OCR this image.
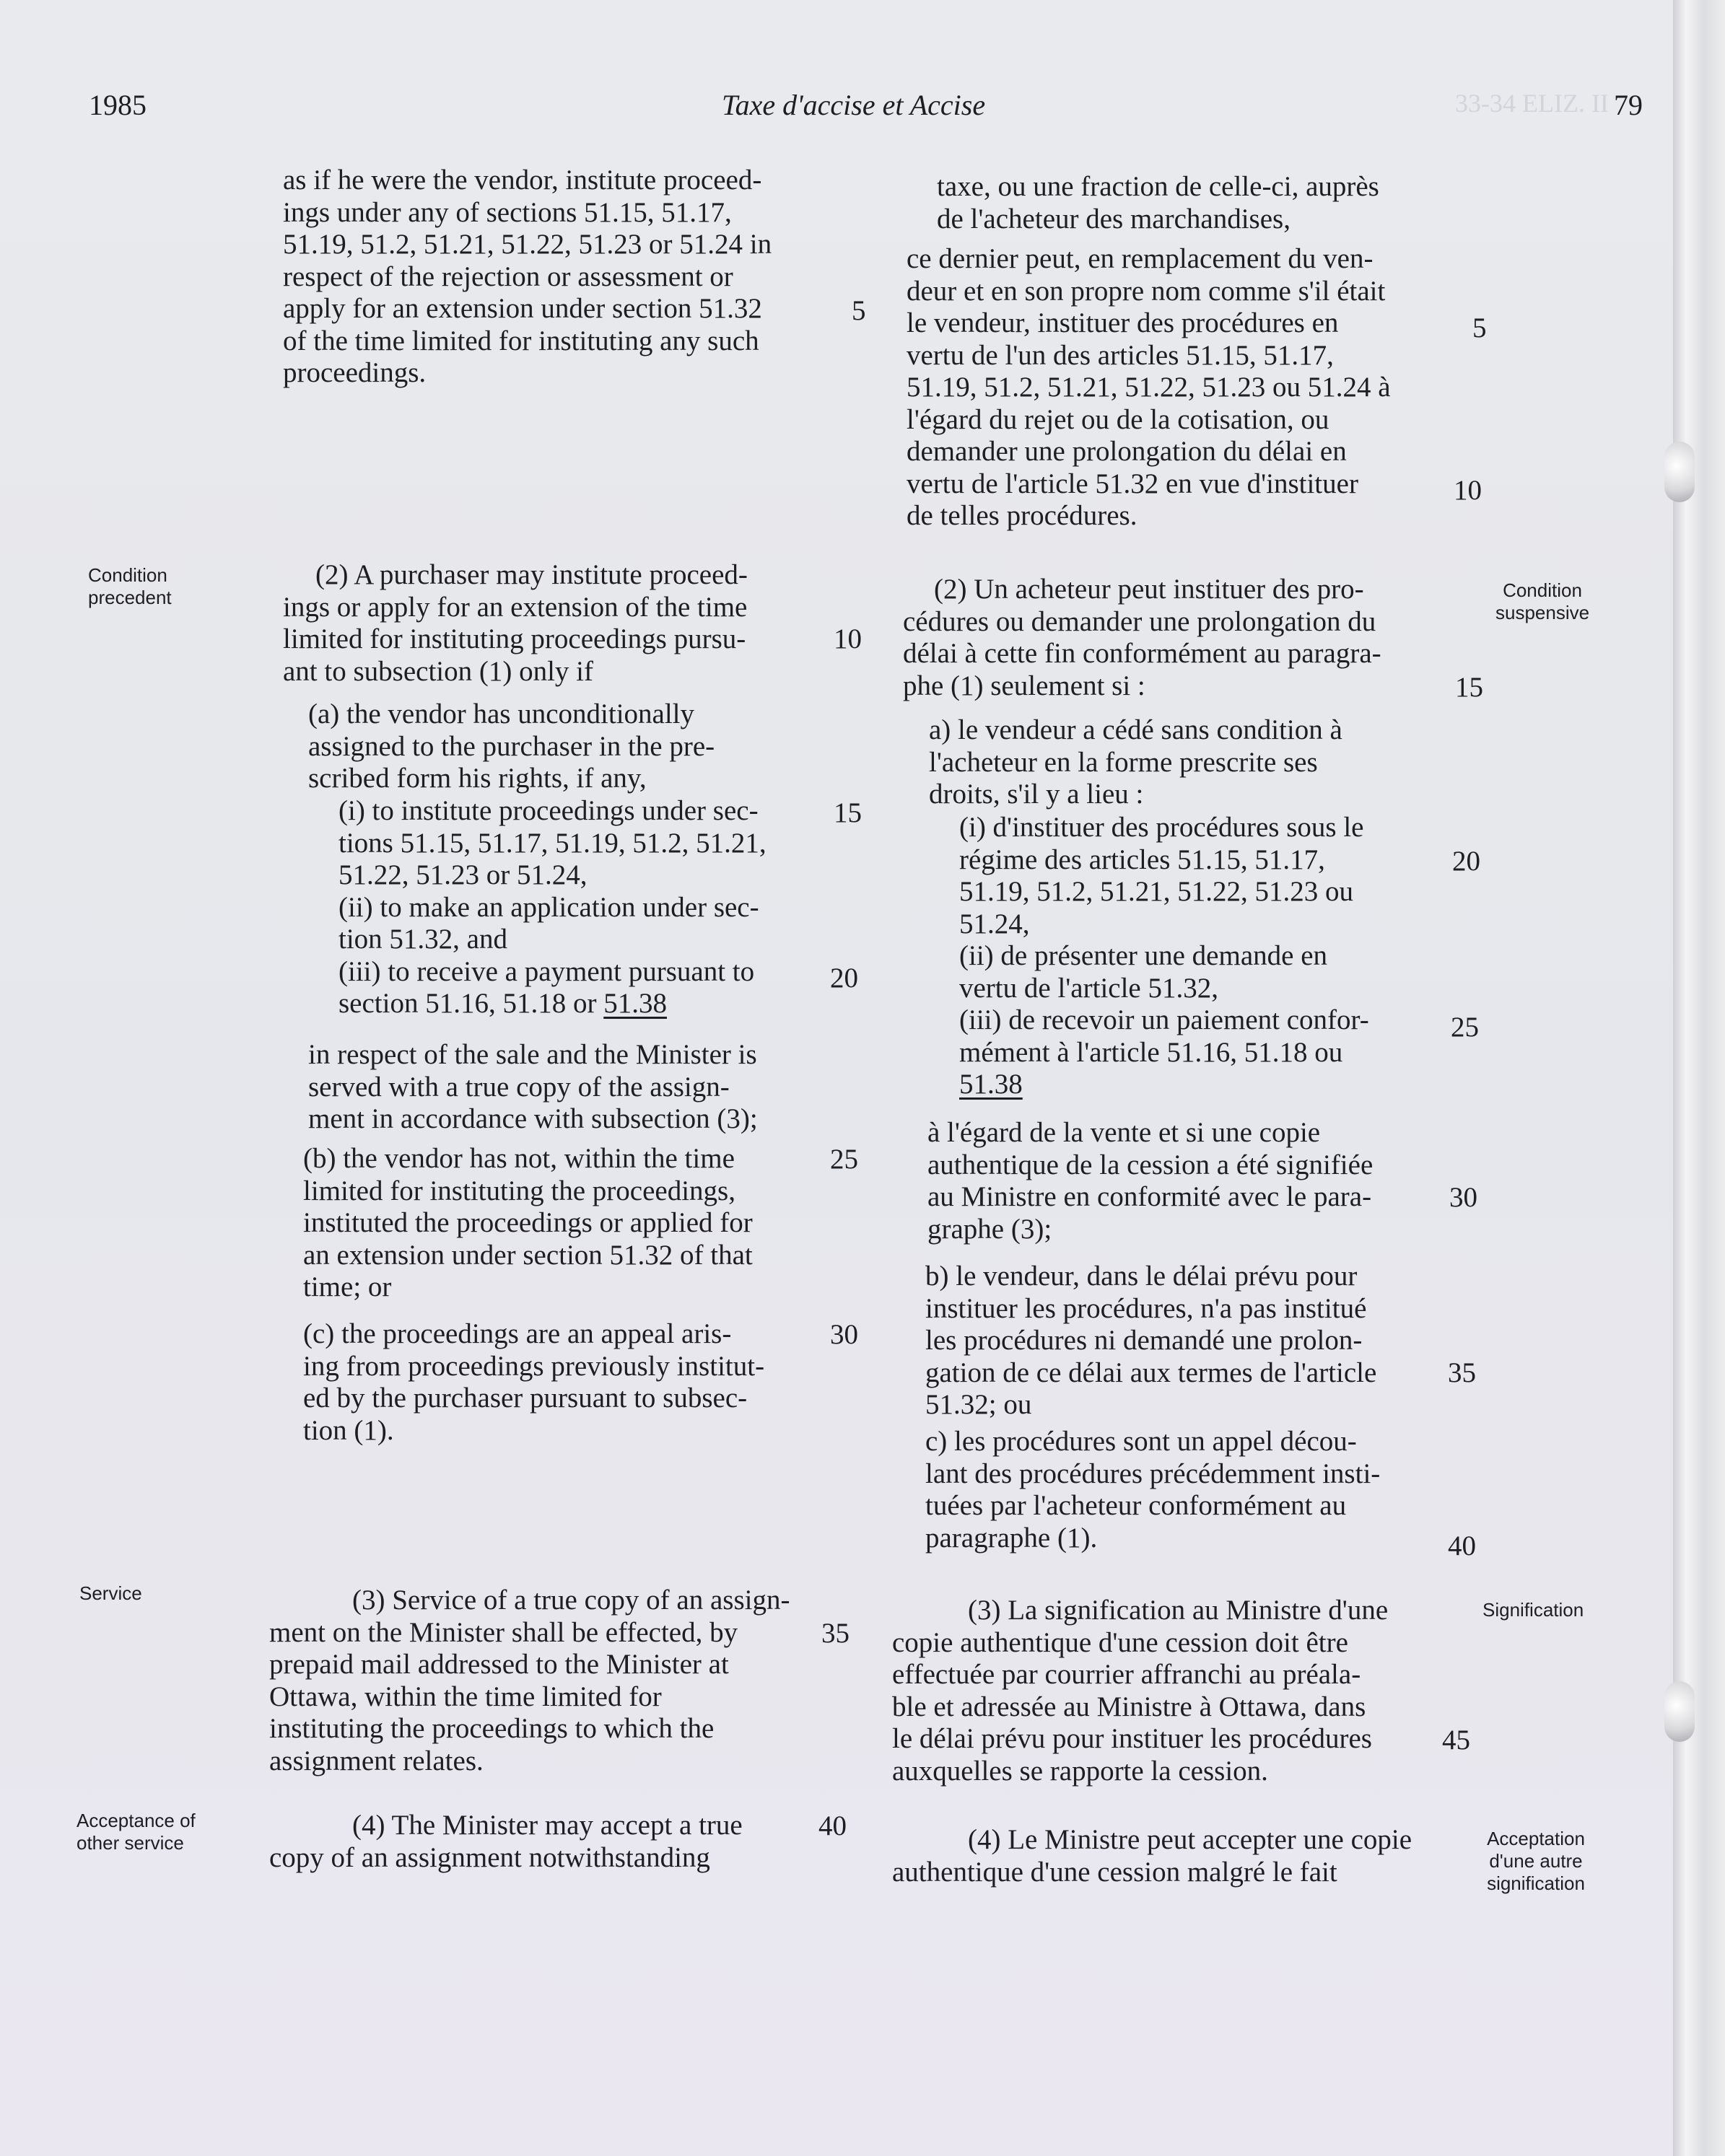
1985	Taxe d'accise et Accise	33-34 ELIZ. II 79
Condition
precedent
Service
Acceptance of
other service
Condition
suspensive
Signification
Acceptation
d'une autre
signification
as if he were the vendor, institute proceed-
ings under any of sections 51.15, 51.17,
51.19, 51.2, 51.21, 51.22, 51.23 or 51.24 in
respect of the rejection or assessment or
apply for an extension under section 51.32
of the time limited for instituting any such
proceedings.
(2) A purchaser may institute proceed-
ings or apply for an extension of the time
limited for instituting proceedings pursu-
ant to subsection (1) only if
(a) the vendor has unconditionally
assigned to the purchaser in the pre-
scribed form his rights, if any,
(i) to institute proceedings under sec-
tions 51.15, 51.17, 51.19, 51.2, 51.21,
51.22, 51.23 or 51.24,
(ii) to make an application under sec-
tion 51.32, and
(iii) to receive a payment pursuant to
section 51.16, 51.18 or 51.38
in respect of the sale and the Minister is
served with a true copy of the assign-
ment in accordance with subsection (3);
(b) the vendor has not, within the time
limited for instituting the proceedings,
instituted the proceedings or applied for
an extension under section 51.32 of that
time; or
(c) the proceedings are an appeal aris-
ing from proceedings previously institut-
ed by the purchaser pursuant to subsec-
tion (1).
(3) Service of a true copy of an assign-
ment on the Minister shall be effected, by
prepaid mail addressed to the Minister at
Ottawa, within the time limited for
instituting the proceedings to which the
assignment relates.
(4) The Minister may accept a true
copy of an assignment notwithstanding
5
10
15
20
25
30
35
40
taxe, ou une fraction de celle-ci, auprès
de l'acheteur des marchandises,
ce dernier peut, en remplacement du ven-
deur et en son propre nom comme s'il était
le vendeur, instituer des procédures en
vertu de l'un des articles 51.15, 51.17,
51.19, 51.2, 51.21, 51.22, 51.23 ou 51.24 à
l'égard du rejet ou de la cotisation, ou
demander une prolongation du délai en
vertu de l'article 51.32 en vue d'instituer
de telles procédures.
(2) Un acheteur peut instituer des pro-
cédures ou demander une prolongation du
délai à cette fin conformément au paragra-
phe (1) seulement si :
a) le vendeur a cédé sans condition à
l'acheteur en la forme prescrite ses
droits, s'il y a lieu :
(i) d'instituer des procédures sous le
régime des articles 51.15, 51.17,
51.19, 51.2, 51.21, 51.22, 51.23 ou
51.24,
(ii) de présenter une demande en
vertu de l'article 51.32,
(iii) de recevoir un paiement confor-
mément à l'article 51.16, 51.18 ou
51.38
à l'égard de la vente et si une copie
authentique de la cession a été signifiée
au Ministre en conformité avec le para-
graphe (3);
b) le vendeur, dans le délai prévu pour
instituer les procédures, n'a pas institué
les procédures ni demandé une prolon-
gation de ce délai aux termes de l'article
51.32; ou
c) les procédures sont un appel décou-
lant des procédures précédemment insti-
tuées par l'acheteur conformément au
paragraphe (1).
(3) La signification au Ministre d'une
copie authentique d'une cession doit être
effectuée par courrier affranchi au préala-
ble et adressée au Ministre à Ottawa, dans
le délai prévu pour instituer les procédures
auxquelles se rapporte la cession.
(4) Le Ministre peut accepter une copie
authentique d'une cession malgré le fait
5
10
15
20
25
30
35
40
45
